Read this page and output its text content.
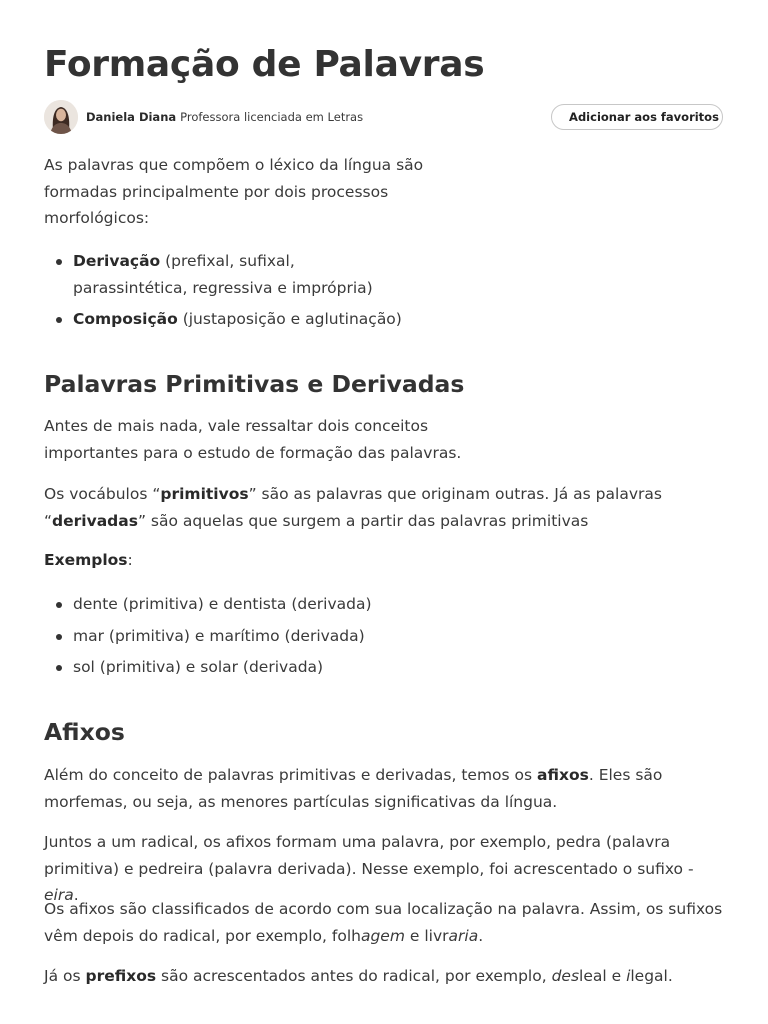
Formação de Palavras
Daniela Diana Professora licenciada em Letras	Adicionar aos favoritos

As palavras que compõem o léxico da língua são formadas principalmente por dois processos morfológicos:

Derivação (prefixal, sufixal, parassintética, regressiva e imprópria)
Composição (justaposição e aglutinação)
Palavras Primitivas e Derivadas

Antes de mais nada, vale ressaltar dois conceitos importantes para o estudo de formação das palavras.

Os vocábulos “primitivos” são as palavras que originam outras. Já as palavras “derivadas” são aquelas que surgem a partir das palavras primitivas

Exemplos:

dente (primitiva) e dentista (derivada)
mar (primitiva) e marítimo (derivada)
sol (primitiva) e solar (derivada)
Afixos

Além do conceito de palavras primitivas e derivadas, temos os afixos. Eles são morfemas, ou seja, as menores partículas significativas da língua.

Juntos a um radical, os afixos formam uma palavra, por exemplo, pedra (palavra primitiva) e pedreira (palavra derivada). Nesse exemplo, foi acrescentado o sufixo -eira.

Os afixos são classificados de acordo com sua localização na palavra. Assim, os sufixos vêm depois do radical, por exemplo, folhagem e livraria.

Já os prefixos são acrescentados antes do radical, por exemplo, desleal e ilegal.
